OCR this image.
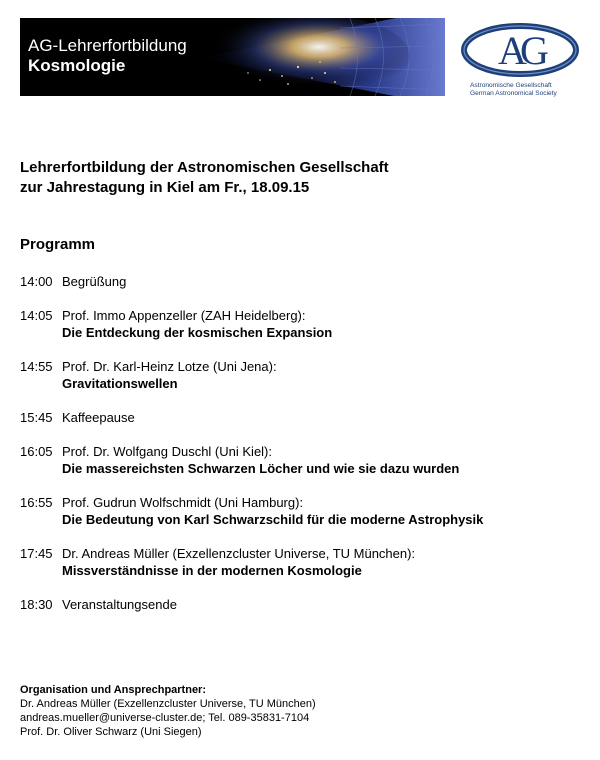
AG-Lehrerfortbildung
Kosmologie	A
G
Astronomische Gesellschaft
German Astronomical Society
Lehrerfortbildung der Astronomischen Gesellschaft
zur Jahrestagung in Kiel am Fr., 18.09.15
Programm
14:00 Begrüßung
14:05 Prof. Immo Appenzeller (ZAH Heidelberg):
Die Entdeckung der kosmischen Expansion
14:55 Prof. Dr. Karl-Heinz Lotze (Uni Jena):
Gravitationswellen
15:45 Kaffeepause
16:05 Prof. Dr. Wolfgang Duschl (Uni Kiel):
Die massereichsten Schwarzen Löcher und wie sie dazu wurden
16:55 Prof. Gudrun Wolfschmidt (Uni Hamburg):
Die Bedeutung von Karl Schwarzschild für die moderne Astrophysik
17:45 Dr. Andreas Müller (Exzellenzcluster Universe, TU München):
Missverständnisse in der modernen Kosmologie
18:30 Veranstaltungsende
Organisation und Ansprechpartner:
Dr. Andreas Müller (Exzellenzcluster Universe, TU München)
andreas.mueller@universe-cluster.de; Tel. 089-35831-7104
Prof. Dr. Oliver Schwarz (Uni Siegen)
